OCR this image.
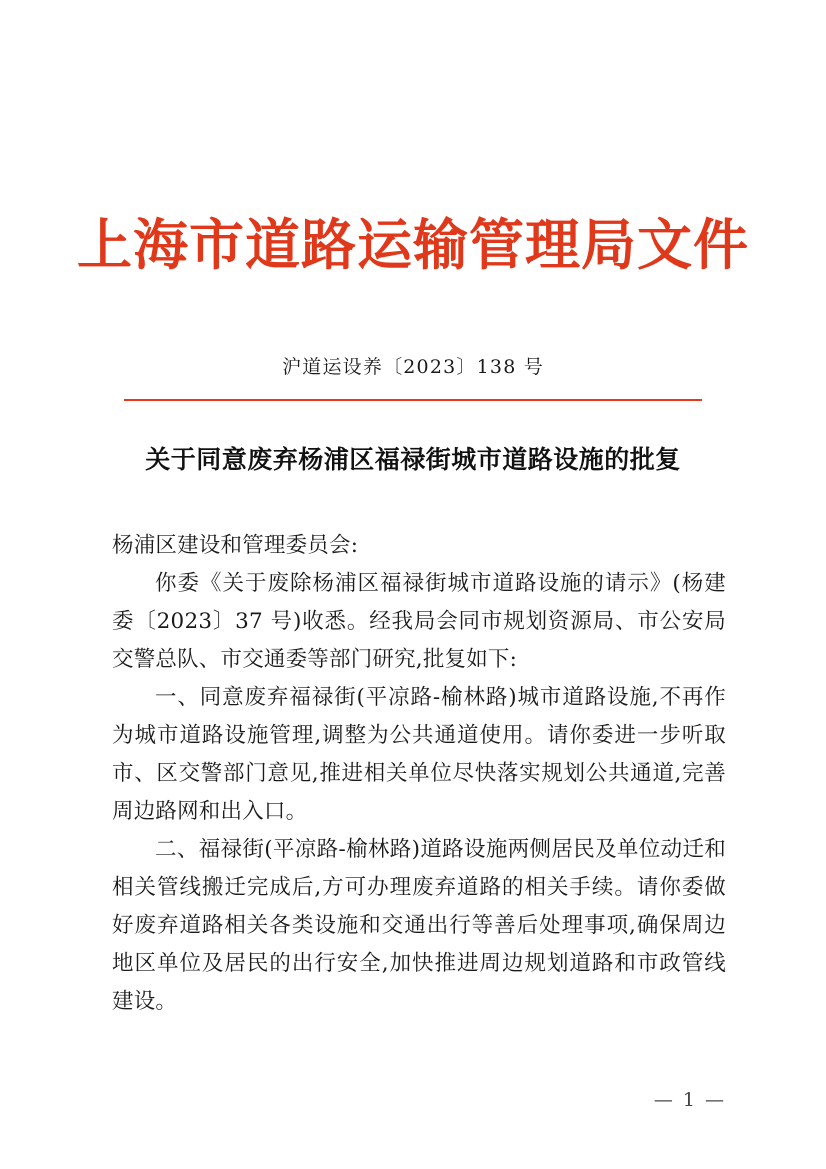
上海市道路运输管理局文件
沪道运设养〔2023〕138 号
关于同意废弃杨浦区福禄街城市道路设施的批复

杨浦区建设和管理委员会:

你委《关于废除杨浦区福禄街城市道路设施的请示》(杨建委〔2023〕37 号)收悉。经我局会同市规划资源局、市公安局交警总队、市交通委等部门研究,批复如下:

一、同意废弃福禄街(平凉路-榆林路)城市道路设施,不再作为城市道路设施管理,调整为公共通道使用。请你委进一步听取市、区交警部门意见,推进相关单位尽快落实规划公共通道,完善周边路网和出入口。

二、福禄街(平凉路-榆林路)道路设施两侧居民及单位动迁和相关管线搬迁完成后,方可办理废弃道路的相关手续。请你委做好废弃道路相关各类设施和交通出行等善后处理事项,确保周边地区单位及居民的出行安全,加快推进周边规划道路和市政管线建设。

— 1 —
